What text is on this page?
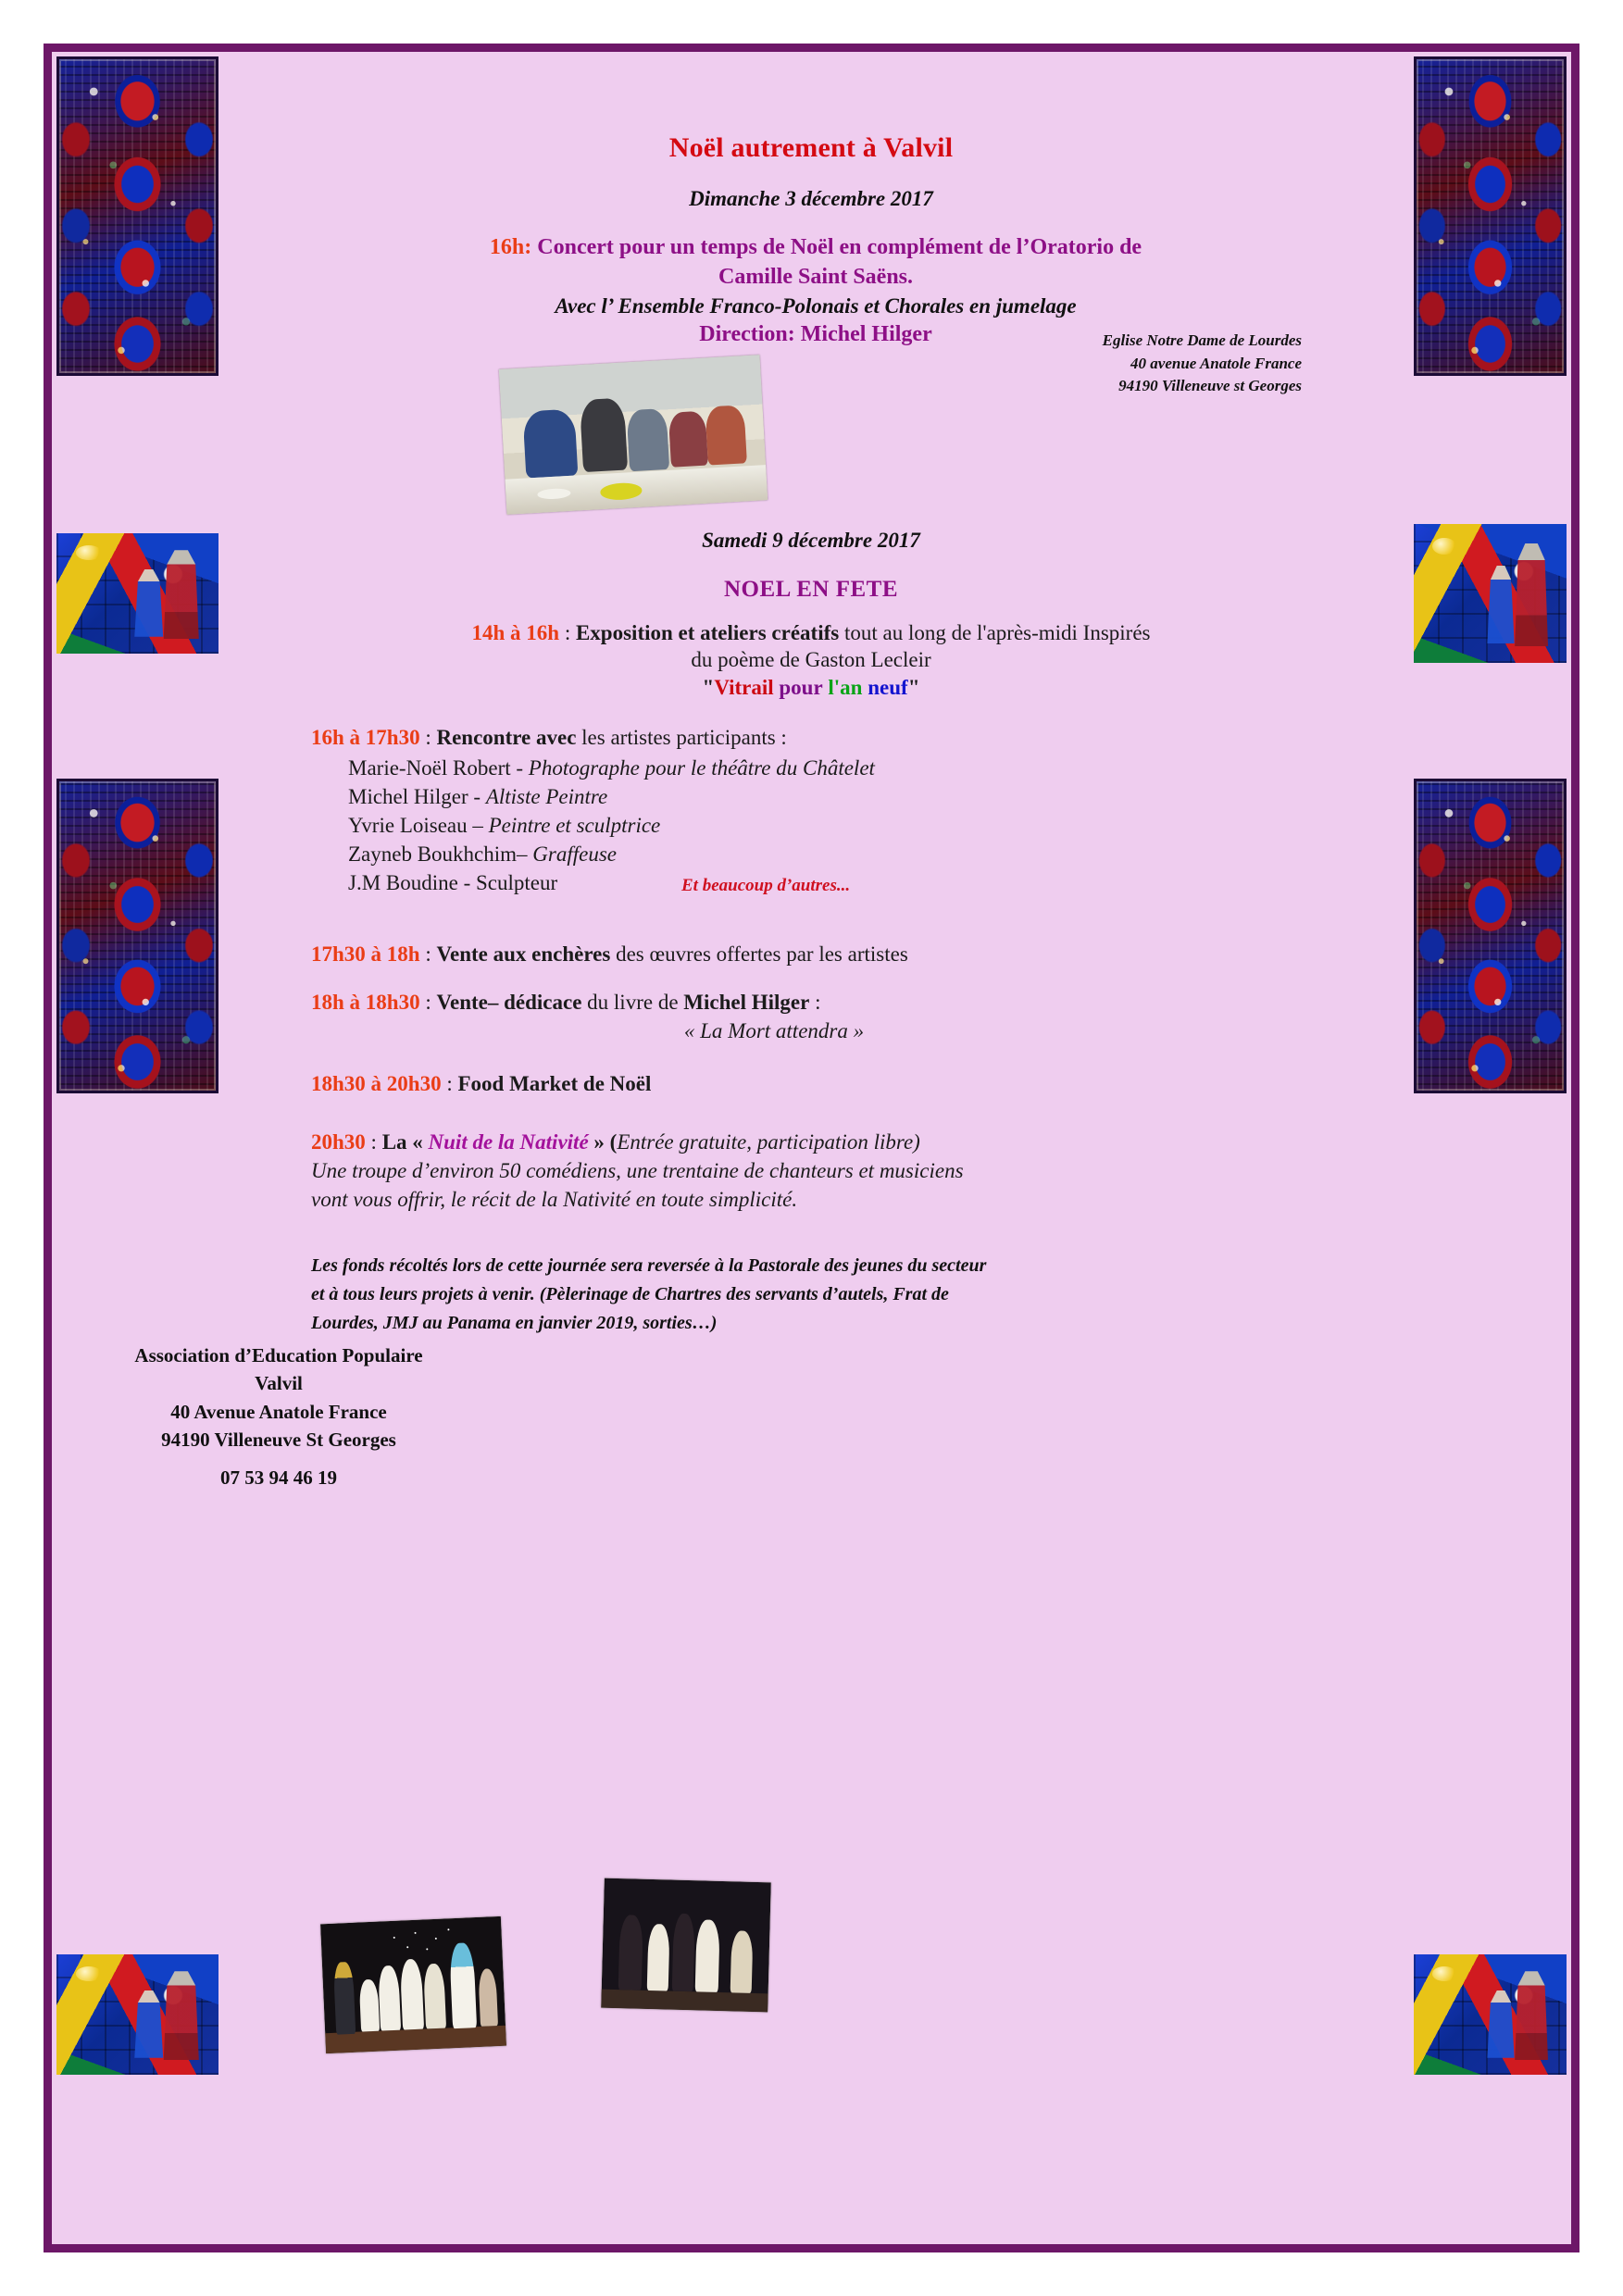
Noël autrement à Valvil
Dimanche 3 décembre 2017
16h: Concert pour un temps de Noël en complément de l’Oratorio de
Camille Saint Saëns.
Avec l’ Ensemble Franco-Polonais et Chorales en jumelage
Direction: Michel Hilger	Eglise Notre Dame de Lourdes
40 avenue Anatole France
94190 Villeneuve st Georges
Samedi 9 décembre 2017
NOEL EN FETE
14h à 16h : Exposition et ateliers créatifs tout au long de l'après-midi Inspirés
du poème de Gaston Lecleir
"Vitrail pour l'an neuf"
16h à 17h30 : Rencontre avec les artistes participants :
Marie-Noël Robert - Photographe pour le théâtre du Châtelet
Michel Hilger - Altiste Peintre
Yvrie Loiseau – Peintre et sculptrice
Zayneb Boukhchim– Graffeuse
J.M Boudine - Sculpteur	Et beaucoup d’autres...
17h30 à 18h : Vente aux enchères des œuvres offertes par les artistes
18h à 18h30 : Vente– dédicace du livre de Michel Hilger :
« La Mort attendra »
18h30 à 20h30 : Food Market de Noël
20h30 : La « Nuit de la Nativité » (Entrée gratuite, participation libre)
Une troupe d’environ 50 comédiens, une trentaine de chanteurs et musiciens
vont vous offrir, le récit de la Nativité en toute simplicité.
Les fonds récoltés lors de cette journée sera reversée à la Pastorale des jeunes du secteur
et à tous leurs projets à venir. (Pèlerinage de Chartres des servants d’autels, Frat de
Lourdes, JMJ au Panama en janvier 2019, sorties…)
Association d’Education Populaire
Valvil
40 Avenue Anatole France
94190 Villeneuve St Georges
07 53 94 46 19
